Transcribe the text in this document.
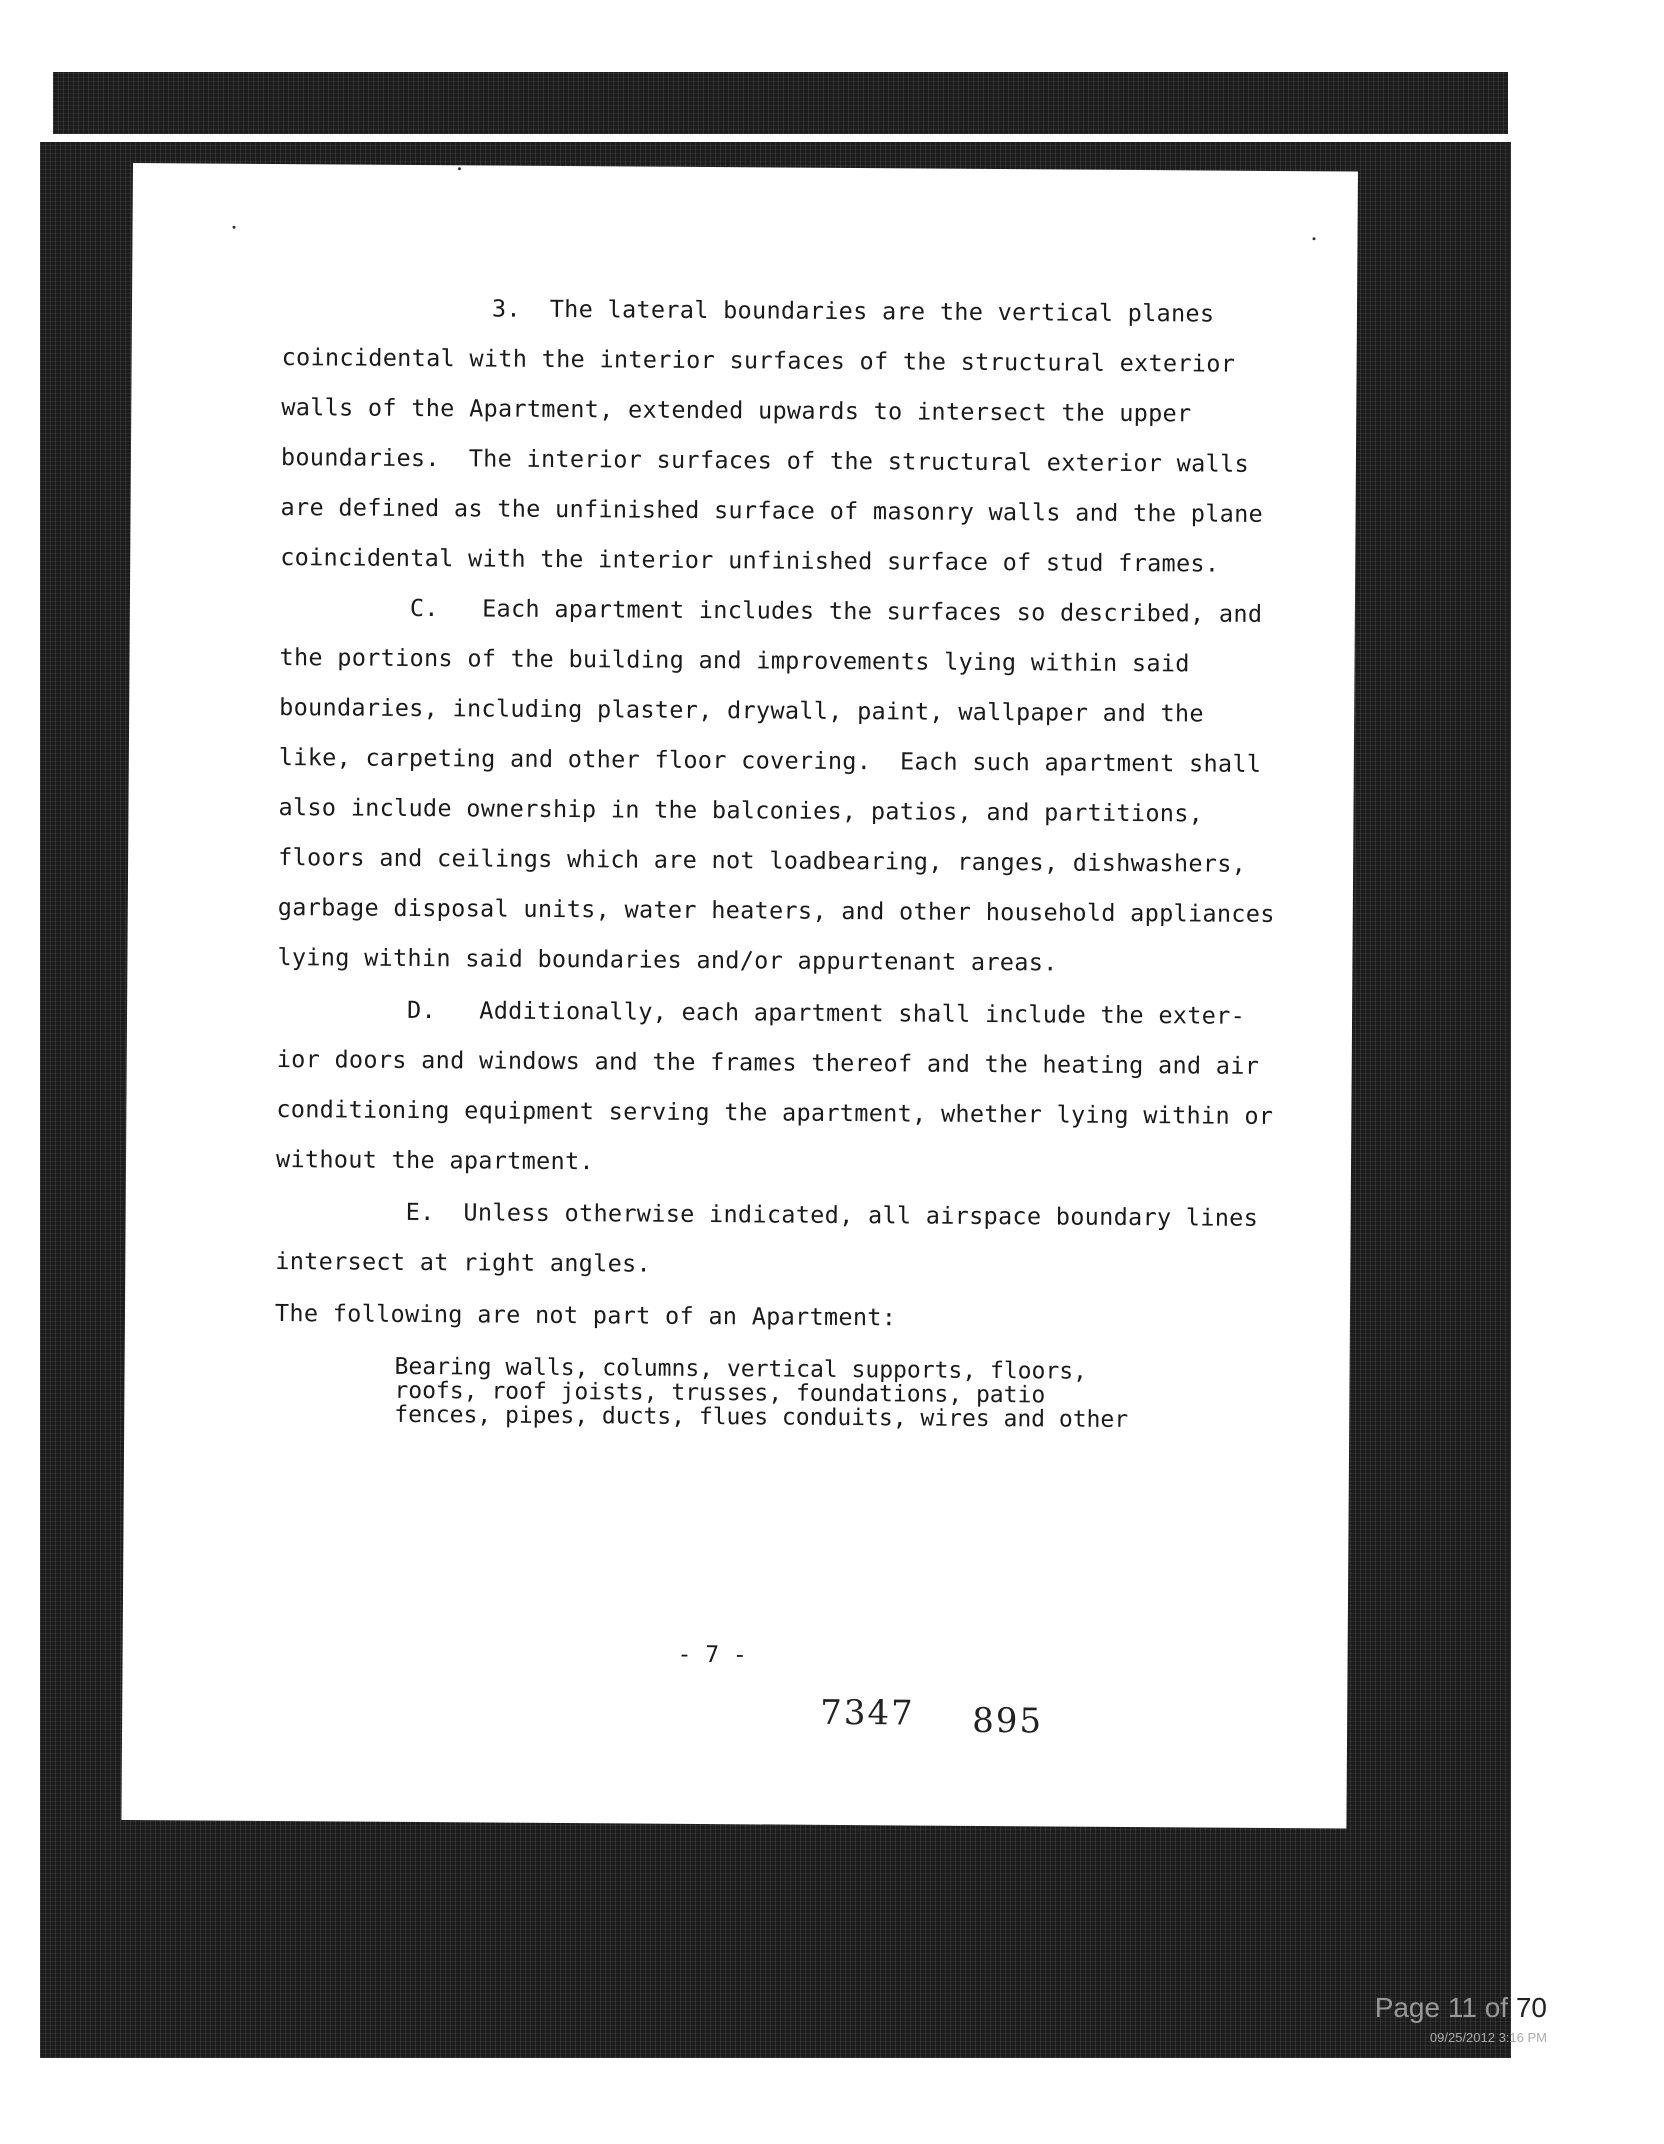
3.  The lateral boundaries are the vertical planes

coincidental with the interior surfaces of the structural exterior

walls of the Apartment, extended upwards to intersect the upper

boundaries.  The interior surfaces of the structural exterior walls

are defined as the unfinished surface of masonry walls and the plane

coincidental with the interior unfinished surface of stud frames.

C.   Each apartment includes the surfaces so described, and

the portions of the building and improvements lying within said

boundaries, including plaster, drywall, paint, wallpaper and the

like, carpeting and other floor covering.  Each such apartment shall

also include ownership in the balconies, patios, and partitions,

floors and ceilings which are not loadbearing, ranges, dishwashers,

garbage disposal units, water heaters, and other household appliances

lying within said boundaries and/or appurtenant areas.

D.   Additionally, each apartment shall include the exter-

ior doors and windows and the frames thereof and the heating and air

conditioning equipment serving the apartment, whether lying within or

without the apartment.

E.  Unless otherwise indicated, all airspace boundary lines

intersect at right angles.

The following are not part of an Apartment:

Bearing walls, columns, vertical supports, floors,

roofs, roof joists, trusses, foundations, patio

fences, pipes, ducts, flues conduits, wires and other

- 7 -
7347 895
Page 11 of 70
09/25/2012 3:16 PM
